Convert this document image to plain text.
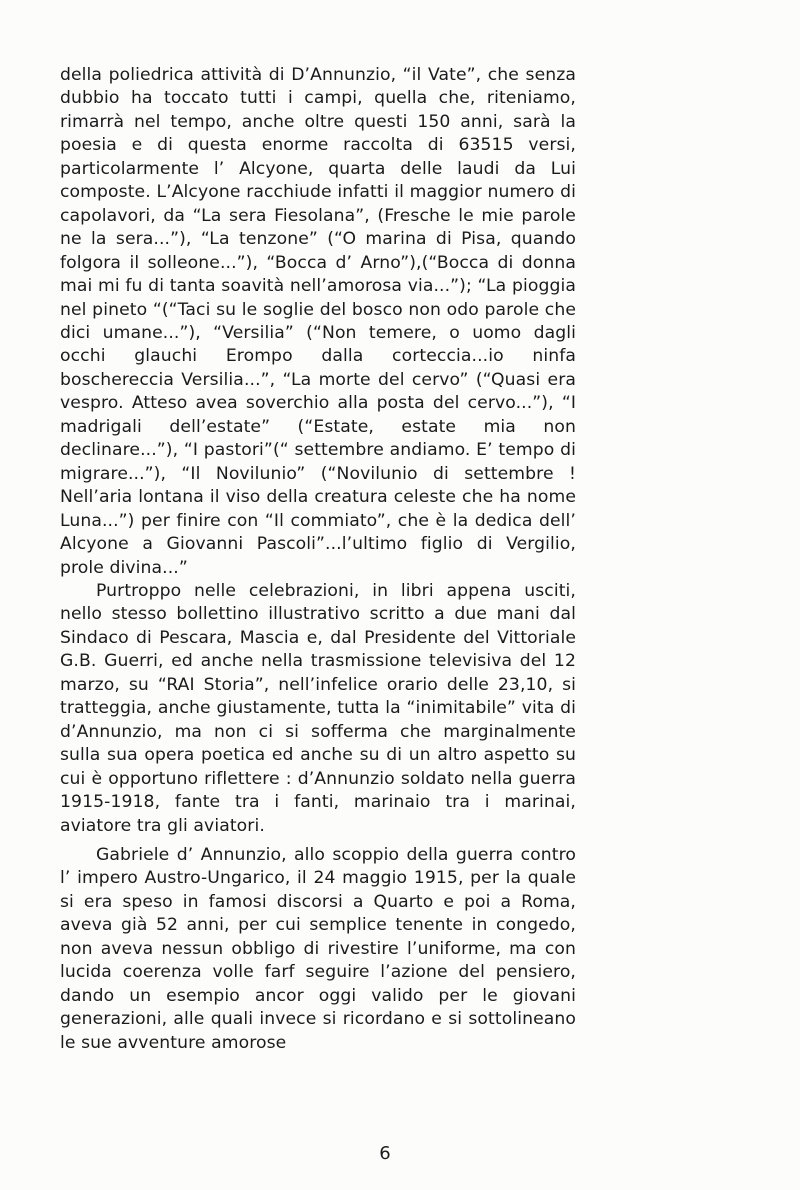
della poliedrica attività di D’Annunzio, “il Vate”, che senza dubbio ha toccato tutti i campi, quella che, riteniamo, rimarrà nel tempo, anche oltre questi 150 anni, sarà la poesia e di questa enorme raccolta di 63515 versi, particolarmente l’ Alcyone, quarta delle laudi da Lui composte. L’Alcyone racchiude infatti il maggior numero di capolavori, da “La sera Fiesolana”, (Fresche le mie parole ne la sera...”), “La tenzone” (“O marina di Pisa, quando folgora il solleone...”), “Bocca d’ Arno”),(“Bocca di donna mai mi fu di tanta soavità nell’amorosa via...”); “La pioggia nel pineto “(“Taci su le soglie del bosco non odo parole che dici umane...”), “Versilia” (“Non temere, o uomo dagli occhi glauchi Erompo dalla corteccia...io ninfa boschereccia Versilia...”, “La morte del cervo” (“Quasi era vespro. Atteso avea soverchio alla posta del cervo...”), “I madrigali dell’estate” (“Estate, estate mia non declinare...”), “I pastori”(“ settembre andiamo. E’ tempo di migrare...”), “Il Novilunio” (“Novilunio di settembre ! Nell’aria lontana il viso della creatura celeste che ha nome Luna...”) per finire con “Il commiato”, che è la dedica dell’ Alcyone a Giovanni Pascoli”...l’ultimo figlio di Vergilio, prole divina...”

Purtroppo nelle celebrazioni, in libri appena usciti, nello stesso bollettino illustrativo scritto a due mani dal Sindaco di Pescara, Mascia e, dal Presidente del Vittoriale G.B. Guerri, ed anche nella trasmissione televisiva del 12 marzo, su “RAI Storia”, nell’infelice orario delle 23,10, si tratteggia, anche giustamente, tutta la “inimitabile” vita di d’Annunzio, ma non ci si sofferma che marginalmente sulla sua opera poetica ed anche su di un altro aspetto su cui è opportuno riflettere : d’Annunzio soldato nella guerra 1915-1918, fante tra i fanti, marinaio tra i marinai, aviatore tra gli aviatori.

Gabriele d’ Annunzio, allo scoppio della guerra contro l’ impero Austro-Ungarico, il 24 maggio 1915, per la quale si era speso in famosi discorsi a Quarto e poi a Roma, aveva già 52 anni, per cui semplice tenente in congedo, non aveva nessun obbligo di rivestire l’uniforme, ma con lucida coerenza volle farf seguire l’azione del pensiero, dando un esempio ancor oggi valido per le giovani generazioni, alle quali invece si ricordano e si sottolineano le sue avventure amorose

6
